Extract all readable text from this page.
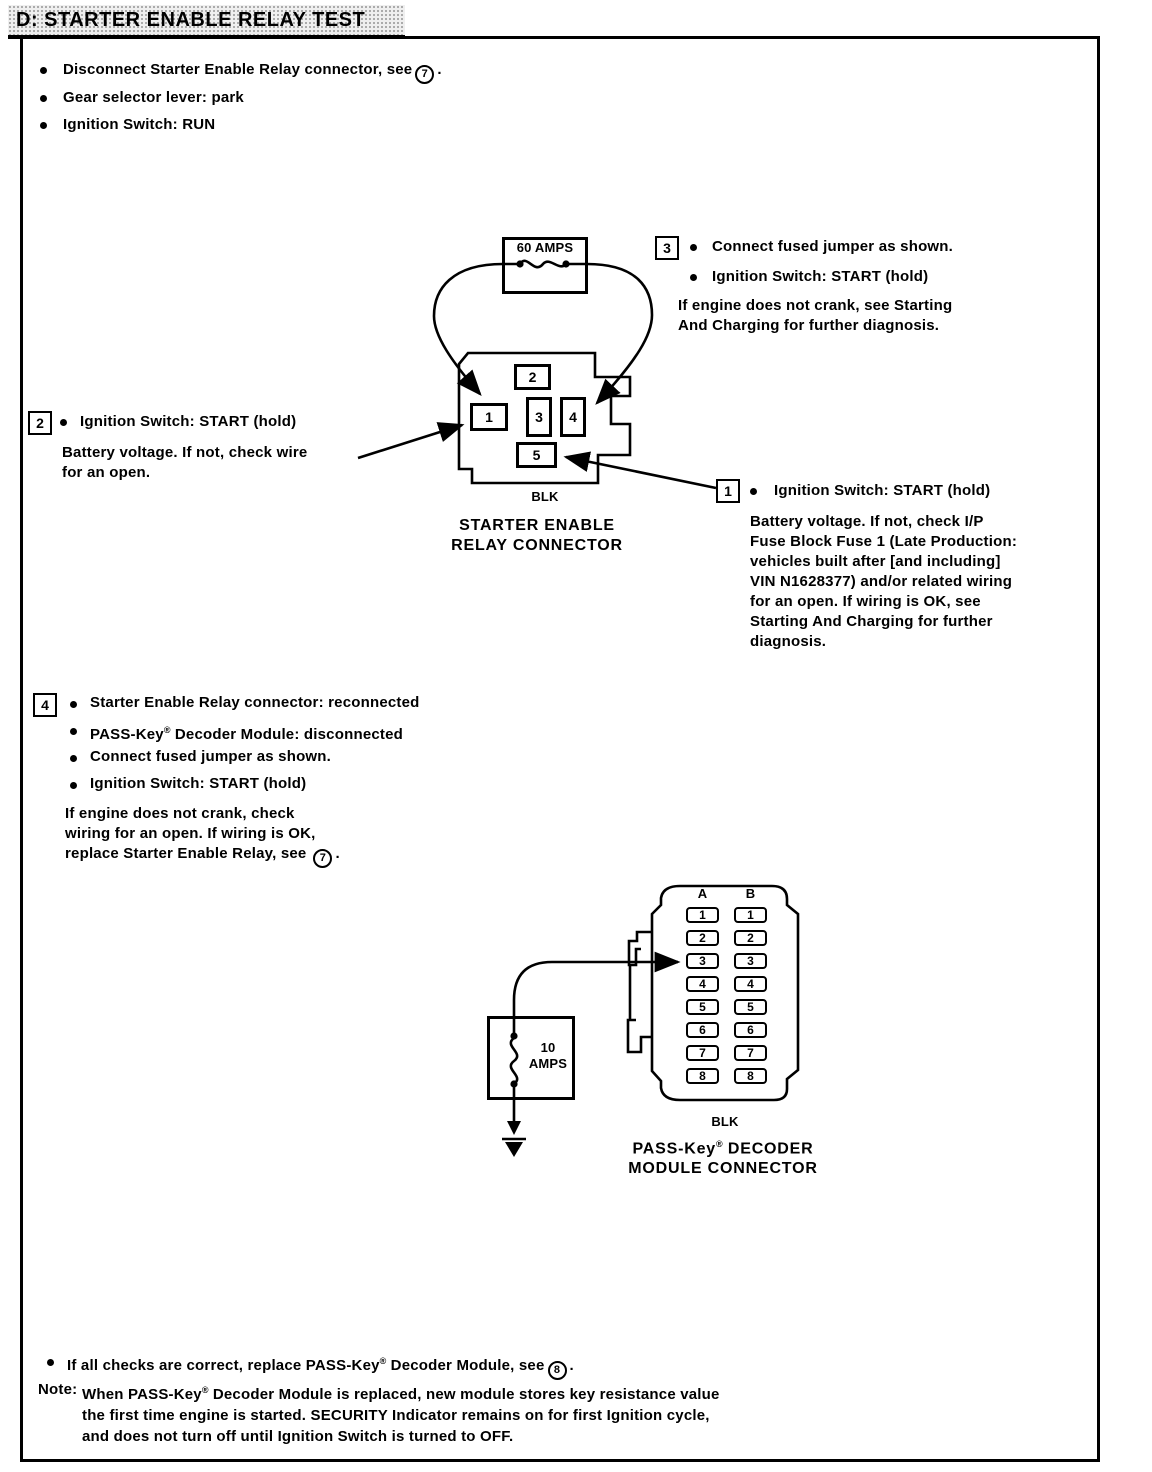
D: STARTER ENABLE RELAY TEST
Disconnect Starter Enable Relay connector, see 7 .
Gear selector lever: park
Ignition Switch: RUN
60 AMPS
1
2
3	4
5
BLK
STARTER ENABLE
RELAY CONNECTOR
3	Connect fused jumper as shown.
Ignition Switch: START (hold)
If engine does not crank, see Starting
And Charging for further diagnosis.
2	Ignition Switch: START (hold)
Battery voltage. If not, check wire
for an open.
1	Ignition Switch: START (hold)
Battery voltage. If not, check I/P
Fuse Block Fuse 1 (Late Production:
vehicles built after [and including]
VIN N1628377) and/or related wiring
for an open. If wiring is OK, see
Starting And Charging for further
diagnosis.
4	Starter Enable Relay connector: reconnected
PASS-Key® Decoder Module: disconnected
Connect fused jumper as shown.
Ignition Switch: START (hold)
If engine does not crank, check
wiring for an open. If wiring is OK,
replace Starter Enable Relay, see 7 .
10
AMPS
A	B
1
2
3
4
5
6
7
8
1
2
3
4
5
6
7
8
BLK
PASS-Key® DECODER
MODULE CONNECTOR
If all checks are correct, replace PASS-Key® Decoder Module, see 8 .
Note: When PASS-Key® Decoder Module is replaced, new module stores key resistance value
the first time engine is started. SECURITY Indicator remains on for first Ignition cycle,
and does not turn off until Ignition Switch is turned to OFF.
